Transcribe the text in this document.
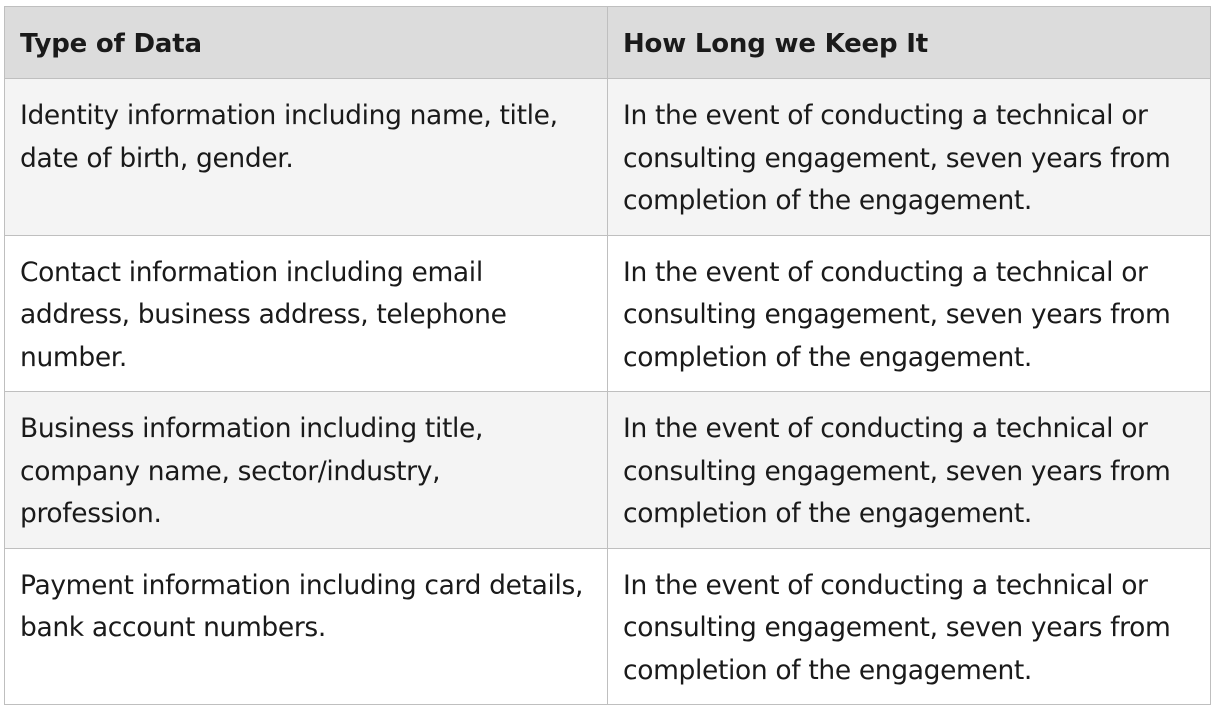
Type of Data	How Long we Keep It
Identity information including name, title, date of birth, gender.	In the event of conducting a technical or consulting engagement, seven years from completion of the engagement.
Contact information including email address, business address, telephone number.	In the event of conducting a technical or consulting engagement, seven years from completion of the engagement.
Business information including title, company name, sector/industry, profession.	In the event of conducting a technical or consulting engagement, seven years from completion of the engagement.
Payment information including card details, bank account numbers.	In the event of conducting a technical or consulting engagement, seven years from completion of the engagement.
